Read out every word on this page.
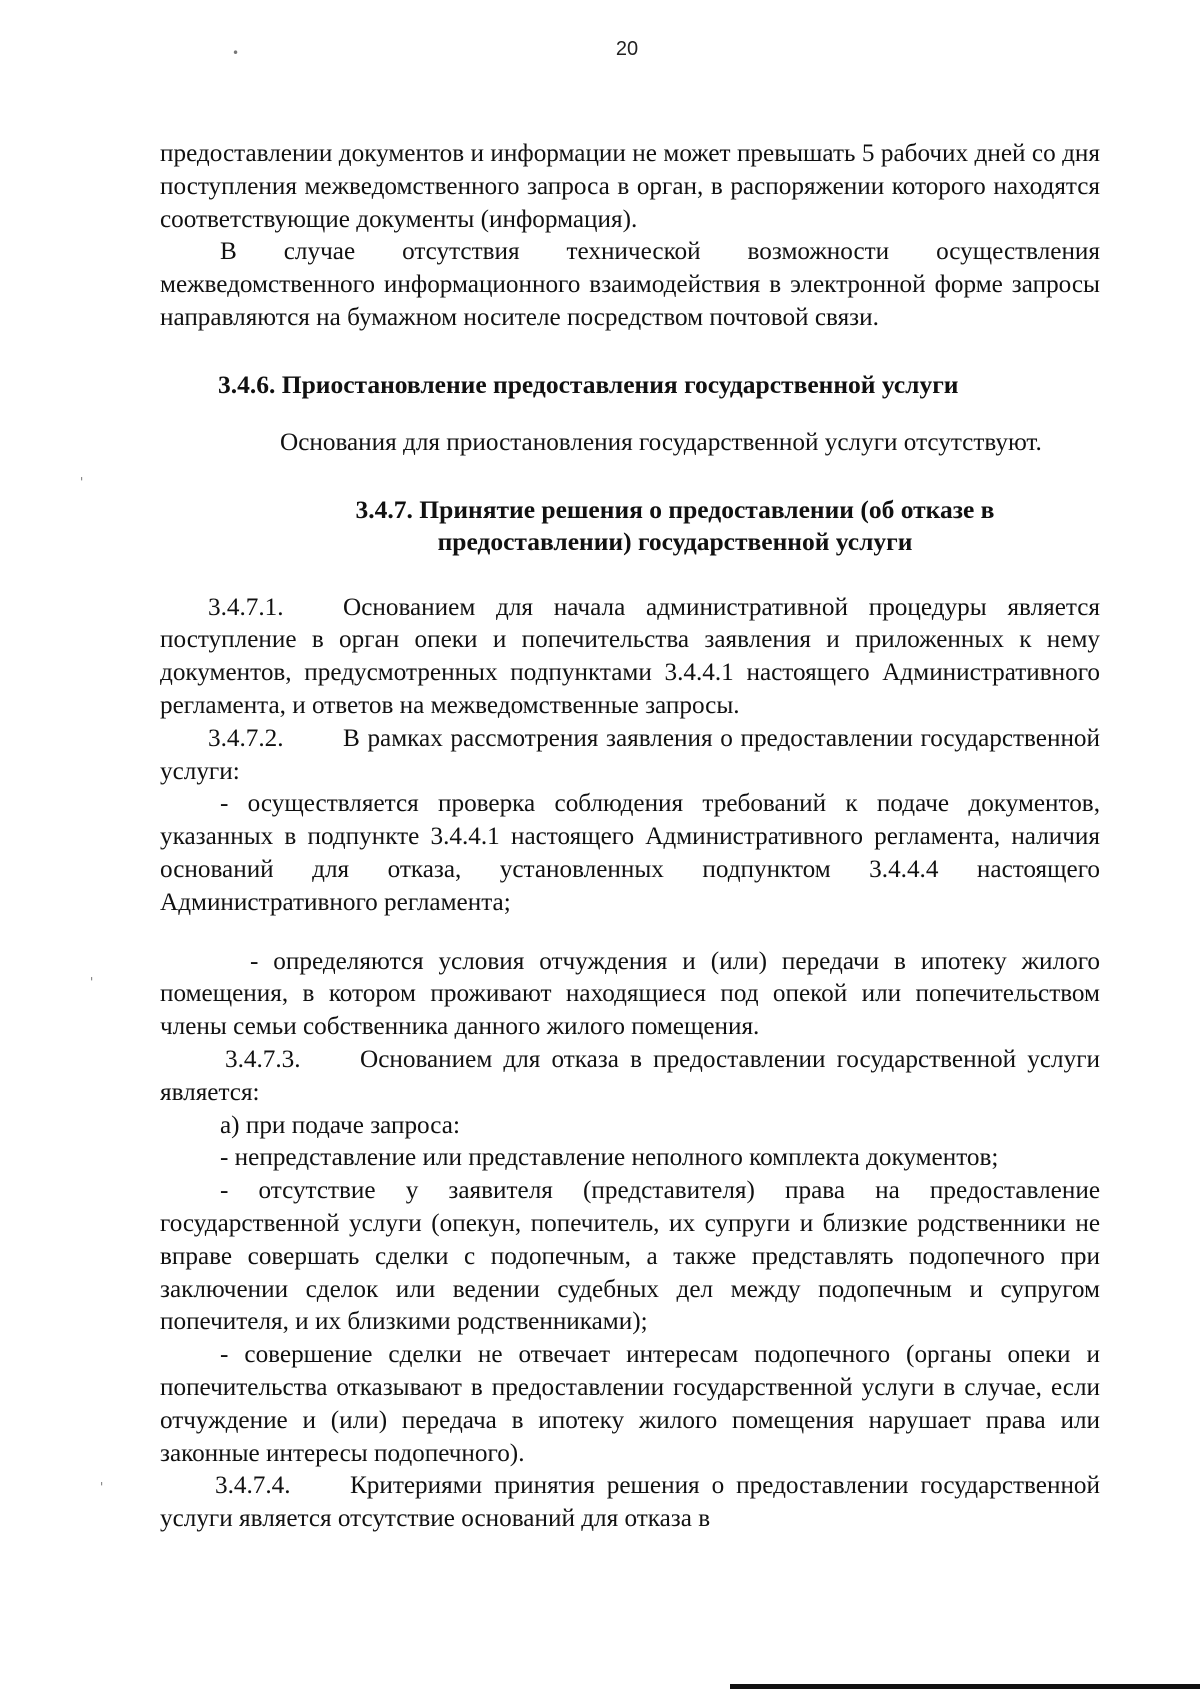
20
•
'
'
'

предоставлении документов и информации не может превышать 5 рабочих дней со дня поступления межведомственного запроса в орган, в распоряжении которого находятся соответствующие документы (информация).

В случае отсутствия технической возможности осуществления межведомственного информационного взаимодействия в электронной форме запросы направляются на бумажном носителе посредством почтовой связи.

3.4.6. Приостановление предоставления государственной услуги

Основания для приостановления государственной услуги отсутствуют.

3.4.7. Принятие решения о предоставлении (об отказе в

предоставлении) государственной услуги

3.4.7.1. Основанием для начала административной процедуры является поступление в орган опеки и попечительства заявления и приложенных к нему документов, предусмотренных подпунктами 3.4.4.1 настоящего Административного регламента, и ответов на межведомственные запросы.

3.4.7.2. В рамках рассмотрения заявления о предоставлении государственной услуги:

- осуществляется проверка соблюдения требований к подаче документов, указанных в подпункте 3.4.4.1 настоящего Административного регламента, наличия оснований для отказа, установленных подпунктом 3.4.4.4 настоящего Административного регламента;

- определяются условия отчуждения и (или) передачи в ипотеку жилого помещения, в котором проживают находящиеся под опекой или попечительством члены семьи собственника данного жилого помещения.

3.4.7.3. Основанием для отказа в предоставлении государственной услуги является:

а) при подаче запроса:

- непредставление или представление неполного комплекта документов;

- отсутствие у заявителя (представителя) права на предоставление государственной услуги (опекун, попечитель, их супруги и близкие родственники не вправе совершать сделки с подопечным, а также представлять подопечного при заключении сделок или ведении судебных дел между подопечным и супругом попечителя, и их близкими родственниками);

- совершение сделки не отвечает интересам подопечного (органы опеки и попечительства отказывают в предоставлении государственной услуги в случае, если отчуждение и (или) передача в ипотеку жилого помещения нарушает права или законные интересы подопечного).

3.4.7.4. Критериями принятия решения о предоставлении государственной услуги является отсутствие оснований для отказа в
